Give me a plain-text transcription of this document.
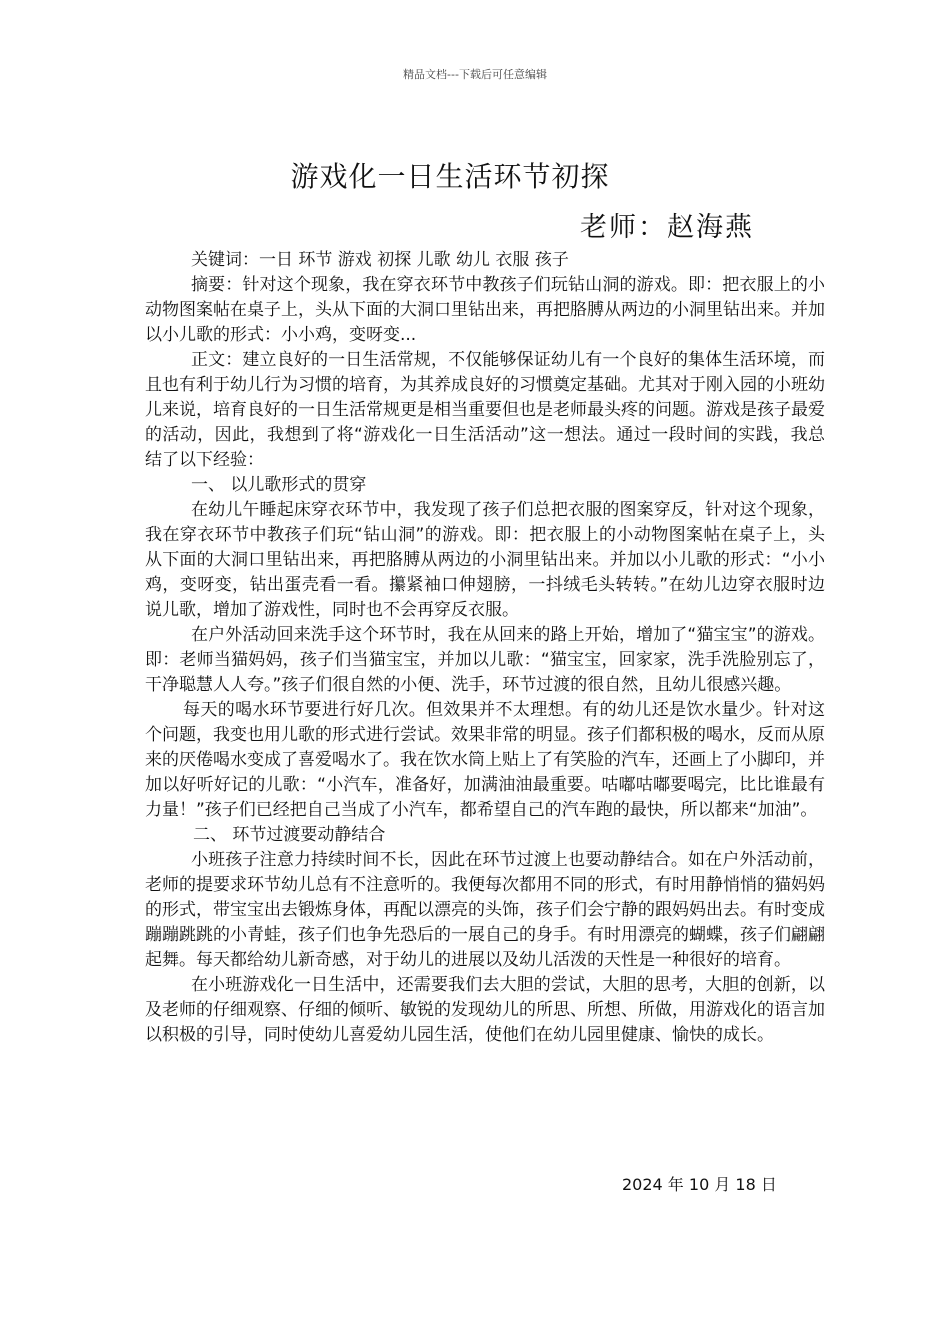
精品文档---下载后可任意编辑
游戏化一日生活环节初探
老师：赵海燕

关键词：一日 环节 游戏 初探 儿歌 幼儿 衣服 孩子

摘要：针对这个现象，我在穿衣环节中教孩子们玩钻山洞的游戏。即：把衣服上的小动物图案帖在桌子上，头从下面的大洞口里钻出来，再把胳膊从两边的小洞里钻出来。并加以小儿歌的形式：小小鸡，变呀变...

正文：建立良好的一日生活常规，不仅能够保证幼儿有一个良好的集体生活环境，而且也有利于幼儿行为习惯的培育，为其养成良好的习惯奠定基础。尤其对于刚入园的小班幼儿来说，培育良好的一日生活常规更是相当重要但也是老师最头疼的问题。游戏是孩子最爱的活动，因此，我想到了将“游戏化一日生活活动”这一想法。通过一段时间的实践，我总结了以下经验：

一、 以儿歌形式的贯穿

在幼儿午睡起床穿衣环节中，我发现了孩子们总把衣服的图案穿反，针对这个现象，我在穿衣环节中教孩子们玩“钻山洞”的游戏。即：把衣服上的小动物图案帖在桌子上，头从下面的大洞口里钻出来，再把胳膊从两边的小洞里钻出来。并加以小儿歌的形式：“小小鸡，变呀变，钻出蛋壳看一看。攥紧袖口伸翅膀，一抖绒毛头转转。”在幼儿边穿衣服时边说儿歌，增加了游戏性，同时也不会再穿反衣服。

在户外活动回来洗手这个环节时，我在从回来的路上开始，增加了“猫宝宝”的游戏。即：老师当猫妈妈，孩子们当猫宝宝，并加以儿歌：“猫宝宝，回家家，洗手洗脸别忘了，干净聪慧人人夸。”孩子们很自然的小便、洗手，环节过渡的很自然，且幼儿很感兴趣。

每天的喝水环节要进行好几次。但效果并不太理想。有的幼儿还是饮水量少。针对这个问题，我变也用儿歌的形式进行尝试。效果非常的明显。孩子们都积极的喝水，反而从原来的厌倦喝水变成了喜爱喝水了。我在饮水筒上贴上了有笑脸的汽车，还画上了小脚印，并加以好听好记的儿歌：“小汽车，准备好，加满油油最重要。咕嘟咕嘟要喝完，比比谁最有力量！”孩子们已经把自己当成了小汽车，都希望自己的汽车跑的最快，所以都来“加油”。

二、 环节过渡要动静结合

小班孩子注意力持续时间不长，因此在环节过渡上也要动静结合。如在户外活动前，老师的提要求环节幼儿总有不注意听的。我便每次都用不同的形式，有时用静悄悄的猫妈妈的形式，带宝宝出去锻炼身体，再配以漂亮的头饰，孩子们会宁静的跟妈妈出去。有时变成蹦蹦跳跳的小青蛙，孩子们也争先恐后的一展自己的身手。有时用漂亮的蝴蝶，孩子们翩翩起舞。每天都给幼儿新奇感，对于幼儿的进展以及幼儿活泼的天性是一种很好的培育。

在小班游戏化一日生活中，还需要我们去大胆的尝试，大胆的思考，大胆的创新，以及老师的仔细观察、仔细的倾听、敏锐的发现幼儿的所思、所想、所做，用游戏化的语言加以积极的引导，同时使幼儿喜爱幼儿园生活，使他们在幼儿园里健康、愉快的成长。

2024 年 10 月 18 日
